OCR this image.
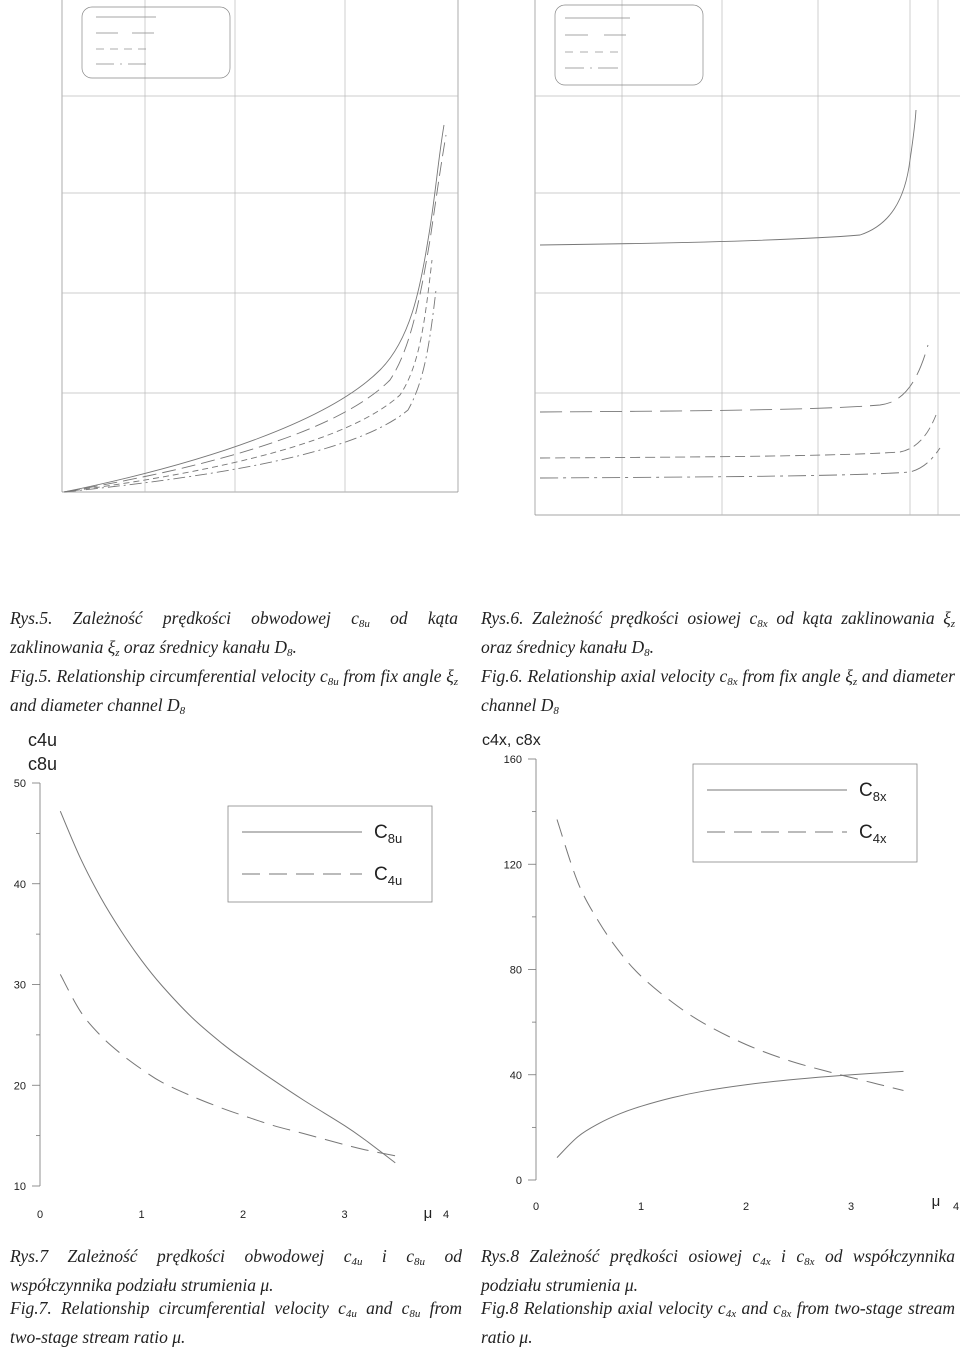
Rys.5. Zależność prędkości obwodowej $c_{8u}$ od kąta zaklinowania $\xi_z$ oraz średnicy kanału $D_8$.

Fig.5. Relationship circumferential velocity $c_{8u}$ from fix angle $\xi_z$ and diameter channel $D_8$

Rys.6. Zależność prędkości osiowej $c_{8x}$ od kąta zaklinowania $\xi_z$ oraz średnicy kanału $D_8$.

Fig.6. Relationship axial velocity $c_{8x}$ from fix angle $\xi_z$ and diameter channel $D_8$

10
20
30
40
50
0	1	2	3	4
μ
c4u
c8u
$C_{8u}$
$C_{4u}$
0
40
80
120
160
0	1	2	3	4
μ
c4x, c8x
$C_{8x}$
$C_{4x}$

Rys.7 Zależność prędkości obwodowej $c_{4u}$ i $c_{8u}$ od współczynnika podziału strumienia μ.

Fig.7. Relationship circumferential velocity $c_{4u}$ and $c_{8u}$ from two-stage stream ratio μ.

Rys.8 Zależność prędkości osiowej $c_{4x}$ i $c_{8x}$ od współczynnika podziału strumienia μ.

Fig.8 Relationship axial velocity $c_{4x}$ and $c_{8x}$ from two-stage stream ratio μ.
